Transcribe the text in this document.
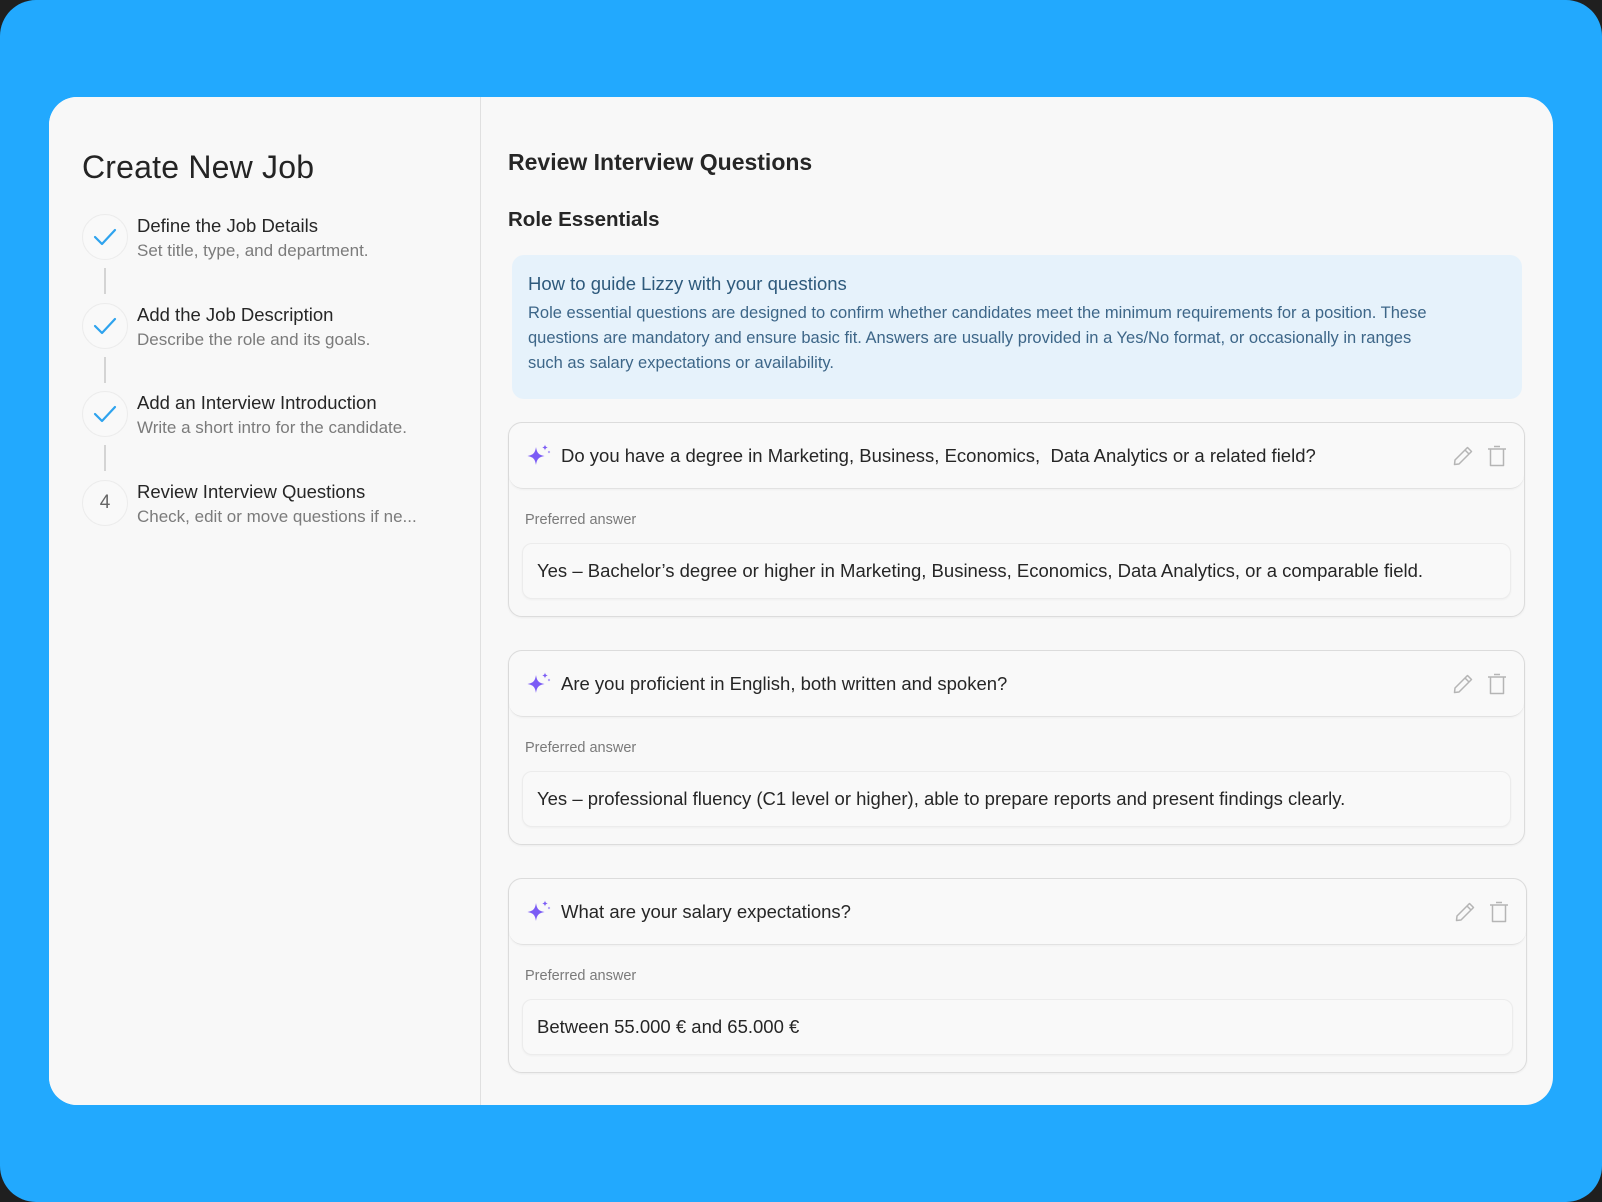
Create New Job
Define the Job Details
Set title, type, and department.
Add the Job Description
Describe the role and its goals.
Add an Interview Introduction
Write a short intro for the candidate.
4
Review Interview Questions
Check, edit or move questions if ne...
Review Interview Questions
Role Essentials
How to guide Lizzy with your questions
Role essential questions are designed to confirm whether candidates meet the minimum requirements for a position. These questions are mandatory and ensure basic fit. Answers are usually provided in a Yes/No format, or occasionally in ranges such as salary expectations or availability.
Do you have a degree in Marketing, Business, Economics,  Data Analytics or a related field?
Preferred answer
Yes – Bachelor’s degree or higher in Marketing, Business, Economics, Data Analytics, or a comparable field.
Are you proficient in English, both written and spoken?
Preferred answer
Yes – professional fluency (C1 level or higher), able to prepare reports and present findings clearly.
What are your salary expectations?
Preferred answer
Between 55.000 € and 65.000 €
